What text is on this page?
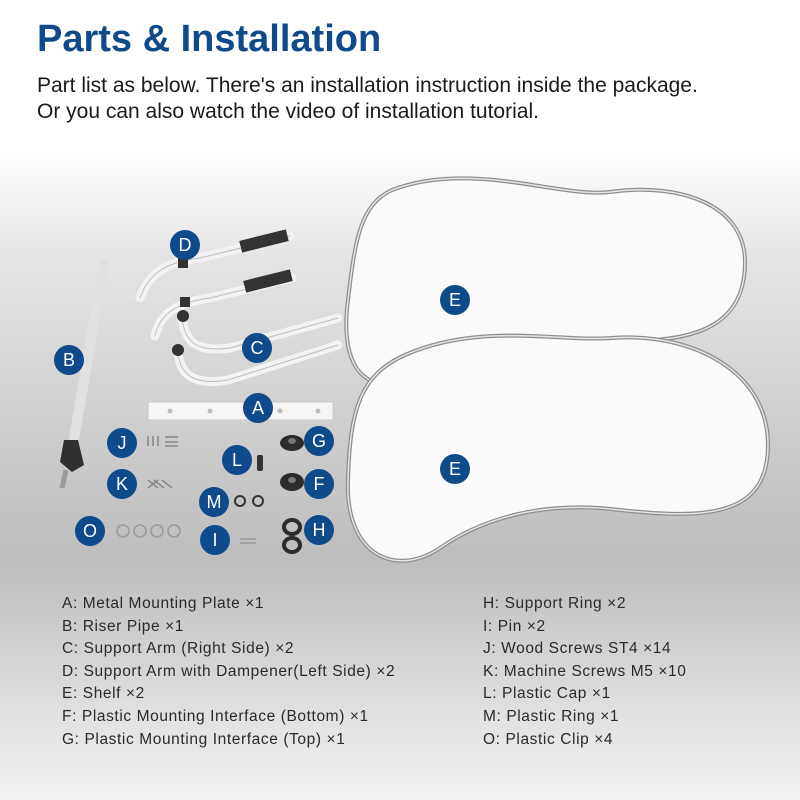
Parts & Installation
Part list as below. There's an installation instruction inside the package.
Or you can also watch the video of installation tutorial.
A
B
C
D
E
E
F
G
H
I
J
K
L
M
O
A: Metal Mounting Plate ×1
B: Riser Pipe ×1
C: Support Arm (Right Side) ×2
D: Support Arm with Dampener(Left Side) ×2
E: Shelf ×2
F: Plastic Mounting Interface (Bottom) ×1
G: Plastic Mounting Interface (Top) ×1
H: Support Ring ×2
I: Pin ×2
J: Wood Screws ST4 ×14
K: Machine Screws M5 ×10
L: Plastic Cap ×1
M: Plastic Ring ×1
O: Plastic Clip ×4
